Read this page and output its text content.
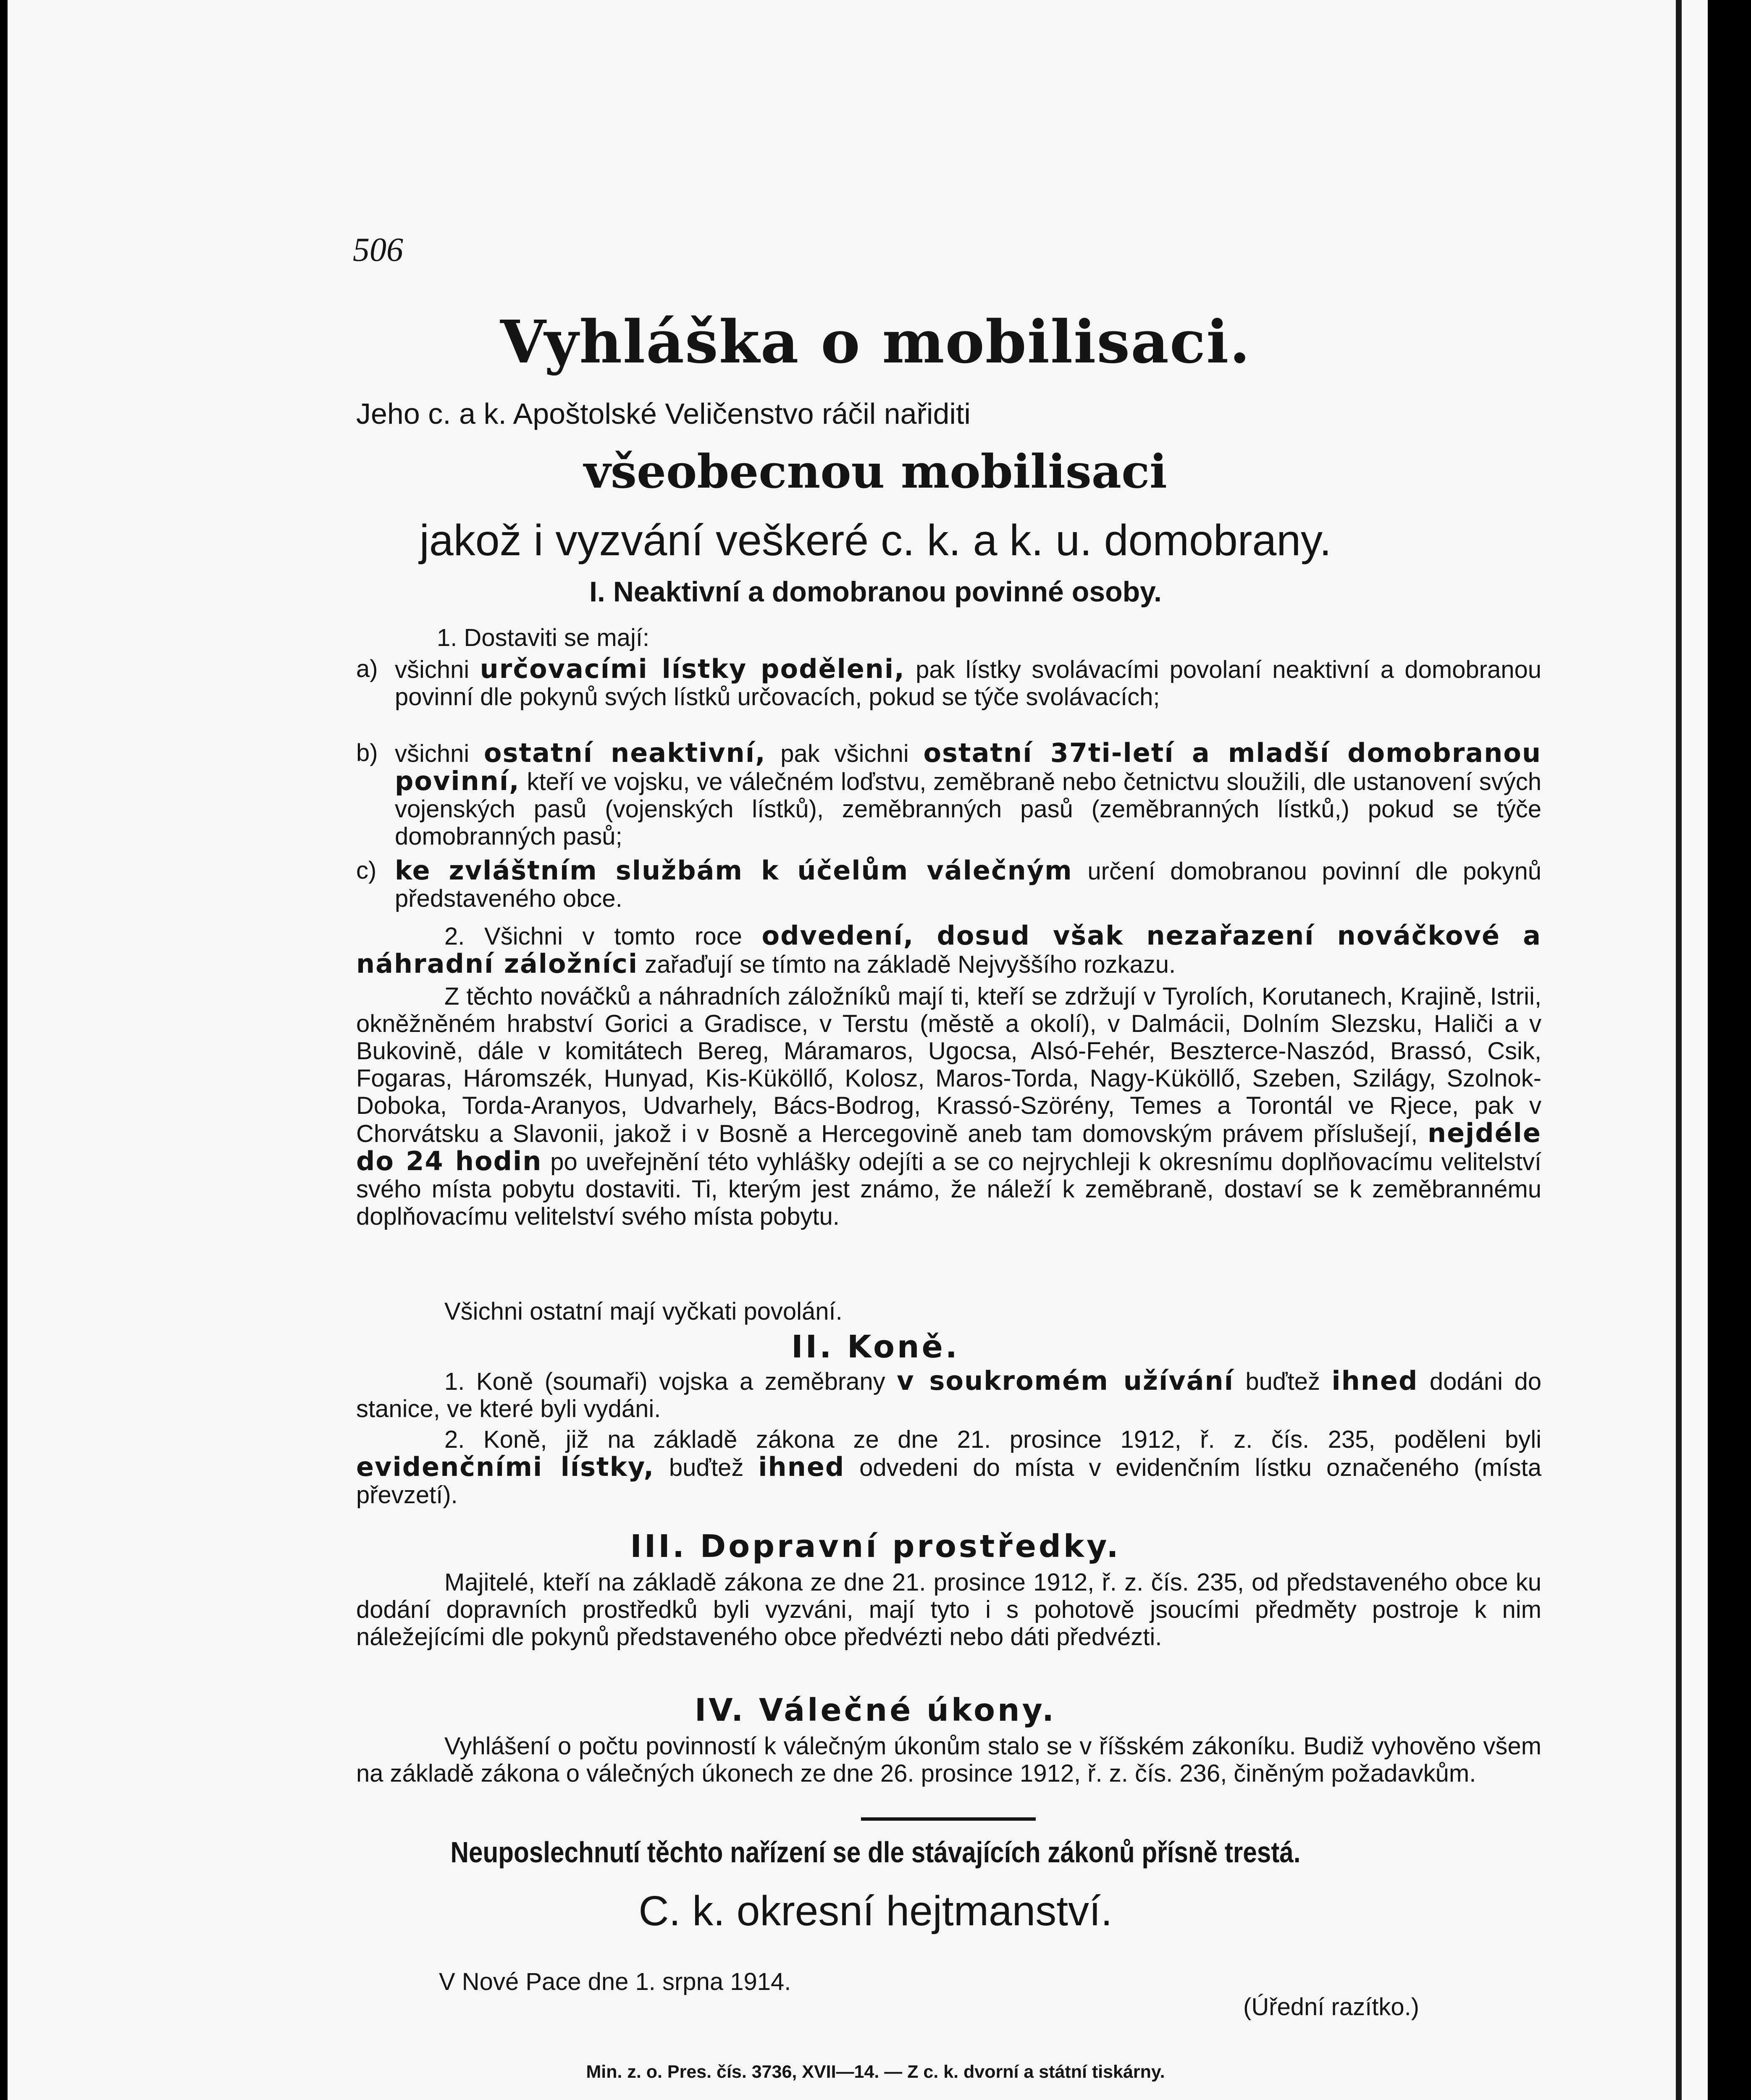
506
Vyhláška o mobilisaci.
Jeho c. a k. Apoštolské Veličenstvo ráčil nařiditi
všeobecnou mobilisaci
jakož i vyzvání veškeré c. k. a k. u. domobrany.
I. Neaktivní a domobranou povinné osoby.
1. Dostaviti se mají:
a) všichni určovacími lístky poděleni, pak lístky svolávacími povolaní neaktivní a domobranou povinní dle pokynů svých lístků určovacích, pokud se týče svolávacích;

b) všichni ostatní neaktivní, pak všichni ostatní 37ti-letí a mladší domobranou povinní, kteří ve vojsku, ve válečném loďstvu, zeměbraně nebo četnictvu sloužili, dle ustanovení svých vojenských pasů (vojenských lístků), zeměbranných pasů (zeměbranných lístků,) pokud se týče domobranných pasů;

c) ke zvláštním službám k účelům válečným určení domobranou povinní dle pokynů představeného obce.

2. Všichni v tomto roce odvedení, dosud však nezařazení nováčkové a náhradní záložníci zařaďují se tímto na základě Nejvyššího rozkazu.

Z těchto nováčků a náhradních záložníků mají ti, kteří se zdržují v Tyrolích, Korutanech, Krajině, Istrii, okněžněném hrabství Gorici a Gradisce, v Terstu (městě a okolí), v Dalmácii, Dolním Slezsku, Haliči a v Bukovině, dále v komitátech Bereg, Máramaros, Ugocsa, Alsó-Fehér, Beszterce-Naszód, Brassó, Csik, Fogaras, Háromszék, Hunyad, Kis-Küköllő, Kolosz, Maros-Torda, Nagy-Küköllő, Szeben, Szilágy, Szolnok-Doboka, Torda-Aranyos, Udvarhely, Bács-Bodrog, Krassó-Szörény, Temes a Torontál ve Rjece, pak v Chorvátsku a Slavonii, jakož i v Bosně a Hercegovině aneb tam domovským právem příslušejí, nejdéle do 24 hodin po uveřejnění této vyhlášky odejíti a se co nejrychleji k okresnímu doplňovacímu velitelství svého místa pobytu dostaviti. Ti, kterým jest známo, že náleží k zeměbraně, dostaví se k zeměbrannému doplňovacímu velitelství svého místa pobytu.

Všichni ostatní mají vyčkati povolání.

II. Koně.

1. Koně (soumaři) vojska a zeměbrany v soukromém užívání buďtež ihned dodáni do stanice, ve které byli vydáni.

2. Koně, již na základě zákona ze dne 21. prosince 1912, ř. z. čís. 235, poděleni byli evidenčními lístky, buďtež ihned odvedeni do místa v evidenčním lístku označeného (místa převzetí).

III. Dopravní prostředky.

Majitelé, kteří na základě zákona ze dne 21. prosince 1912, ř. z. čís. 235, od představeného obce ku dodání dopravních prostředků byli vyzváni, mají tyto i s pohotově jsoucími předměty postroje k nim náležejícími dle pokynů představeného obce předvézti nebo dáti předvézti.

IV. Válečné úkony.

Vyhlášení o počtu povinností k válečným úkonům stalo se v říšském zákoníku. Budiž vyhověno všem na základě zákona o válečných úkonech ze dne 26. prosince 1912, ř. z. čís. 236, činěným požadavkům.

Neuposlechnutí těchto nařízení se dle stávajících zákonů přísně trestá.
C. k. okresní hejtmanství.
V Nové Pace dne 1. srpna 1914.
(Úřední razítko.)
Min. z. o. Pres. čís. 3736, XVII—14. — Z c. k. dvorní a státní tiskárny.
